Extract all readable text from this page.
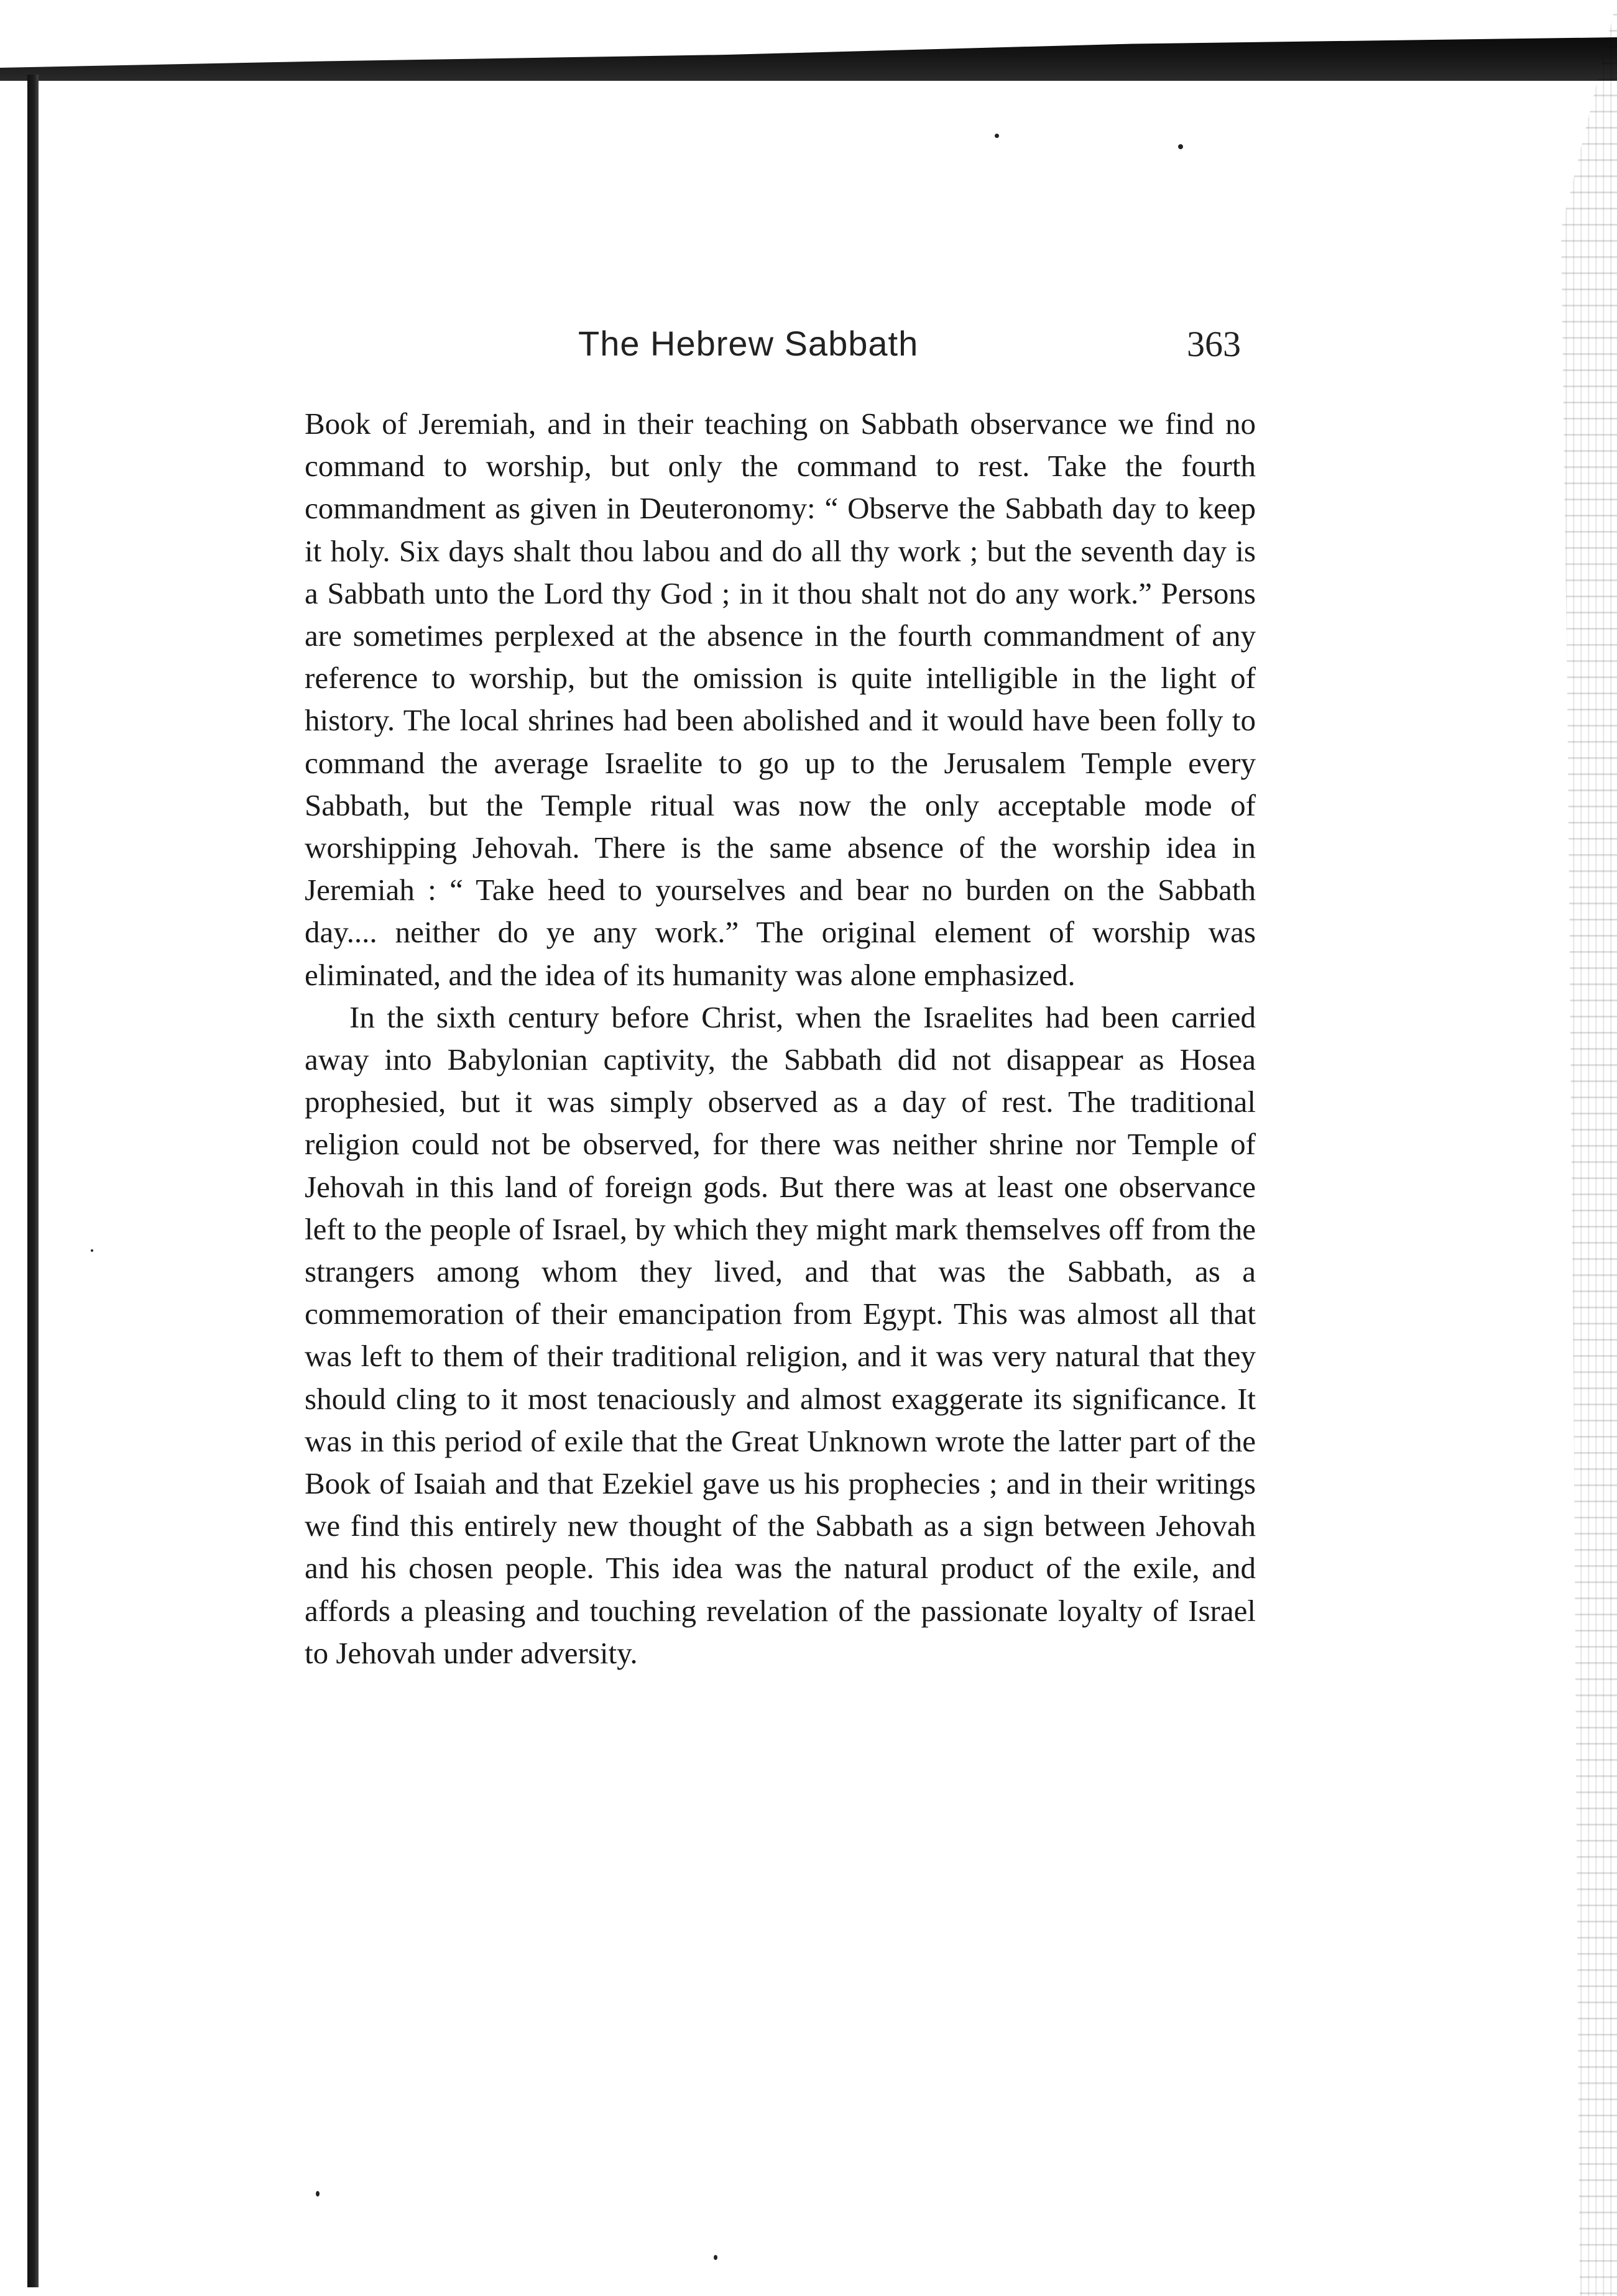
The Hebrew Sabbath	363

Book of Jeremiah, and in their teaching on Sabbath observance we find no command to worship, but only the command to rest. Take the fourth commandment as given in Deuteronomy: “ Observe the Sabbath day to keep it holy. Six days shalt thou labou and do all thy work ; but the seventh day is a Sabbath unto the Lord thy God ; in it thou shalt not do any work.” Persons are sometimes perplexed at the absence in the fourth commandment of any reference to worship, but the omission is quite intelligible in the light of history. The local shrines had been abolished and it would have been folly to command the average Israelite to go up to the Jerusalem Temple every Sabbath, but the Temple ritual was now the only acceptable mode of worshipping Jehovah. There is the same absence of the worship idea in Jeremiah : “ Take heed to yourselves and bear no burden on the Sabbath day.... neither do ye any work.” The original element of worship was eliminated, and the idea of its humanity was alone emphasized.

In the sixth century before Christ, when the Israelites had been carried away into Babylonian captivity, the Sabbath did not disappear as Hosea prophesied, but it was simply observed as a day of rest. The traditional religion could not be observed, for there was neither shrine nor Temple of Jehovah in this land of foreign gods. But there was at least one observance left to the people of Israel, by which they might mark themselves off from the strangers among whom they lived, and that was the Sabbath, as a commemoration of their emancipation from Egypt. This was almost all that was left to them of their traditional religion, and it was very natural that they should cling to it most tenaciously and almost exaggerate its significance. It was in this period of exile that the Great Unknown wrote the latter part of the Book of Isaiah and that Ezekiel gave us his prophecies ; and in their writings we find this entirely new thought of the Sabbath as a sign between Jehovah and his chosen people. This idea was the natural product of the exile, and affords a pleasing and touching revelation of the passionate loyalty of Israel to Jehovah under adversity.
